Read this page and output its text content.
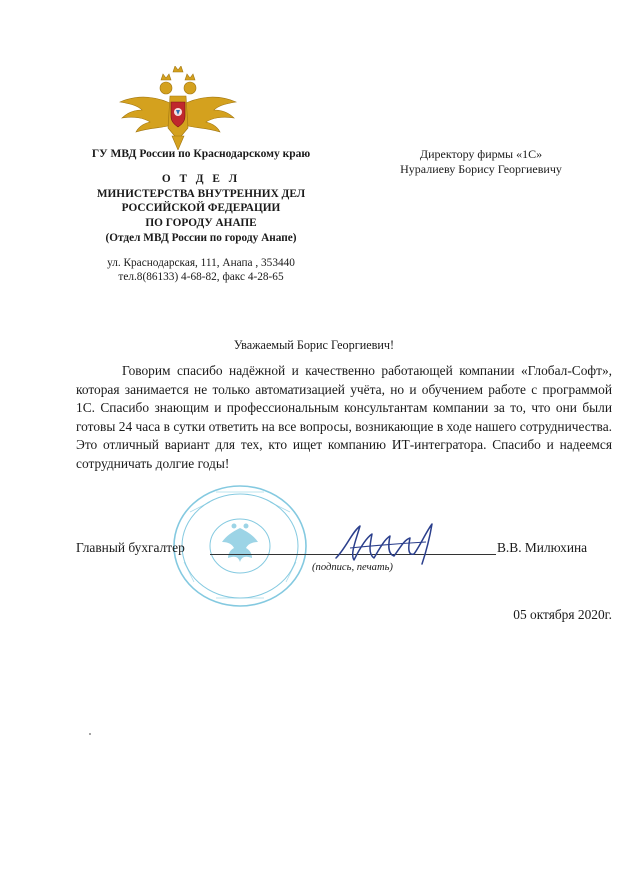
ГУ МВД России по Краснодарскому краю
О Т Д Е Л
МИНИСТЕРСТВА ВНУТРЕННИХ ДЕЛ
РОССИЙСКОЙ ФЕДЕРАЦИИ
ПО ГОРОДУ АНАПЕ
(Отдел МВД России по городу Анапе)
ул. Краснодарская, 111, Анапа , 353440
тел.8(86133) 4-68-82, факс 4-28-65
Директору фирмы «1С»
Нуралиеву Борису Георгиевичу
Уважаемый Борис Георгиевич!

Говорим спасибо надёжной и качественно работающей компании «Глобал-Софт», которая занимается не только автоматизацией учёта, но и обучением работе с программой 1С. Спасибо знающим и профессиональным консультантам компании за то, что они были готовы 24 часа в сутки ответить на все вопросы, возникающие в ходе нашего сотрудничества. Это отличный вариант для тех, кто ищет компанию ИТ-интегратора. Спасибо и надеемся сотрудничать долгие годы!

Главный бухгалтер	В.В. Милюхина
(подпись, печать)
05 октября 2020г.
